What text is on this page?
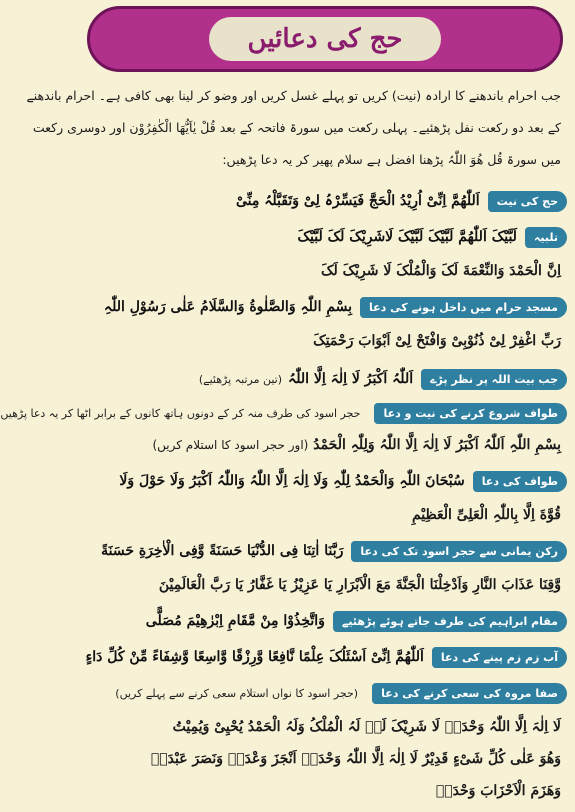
حج کی دعائیں
جب احرام باندھنے کا ارادہ (نیت) کریں تو پہلے غسل کریں اور وضو کر لینا بھی کافی ہے۔ احرام باندھنے
کے بعد دو رکعت نفل پڑھئیے۔ پہلی رکعت میں سورۃ فاتحہ کے بعد قُلْ یٰاَیُّھَا الْکٰفِرُوْن اور دوسری رکعت
میں سورۃ قُل ھُوَ اللّٰہُ پڑھنا افضل ہے سلام پھیر کر یہ دعا پڑھیں:
حج کی نیت
اَللّٰھُمَّ اِنِّیْ اُرِیْدُ الْحَجَّ فَیَسِّرْہُ لِیْ وَتَقَبَّلْہُ مِنِّیْ
تلبیہ
لَبَّیْکَ اَللّٰھُمَّ لَبَّیْکَ لَبَّیْکَ لَاشَرِیْکَ لَکَ لَبَّیْکَ
اِنَّ الْحَمْدَ وَالنِّعْمَةَ لَکَ وَالْمُلْکَ لَا شَرِیْکَ لَکَ
مسجد حرام میں داخل ہونے کی دعا
بِسْمِ اللّٰہِ وَالصَّلٰوةُ وَالسَّلَامُ عَلٰی رَسُوْلِ اللّٰہِ
رَبِّ اغْفِرْ لِیْ ذُنُوْبِیْ وَافْتَحْ لِیْ اَبْوَابَ رَحْمَتِکَ
جب بیت اللہ پر نظر پڑے
اَللّٰہُ اَکْبَرُ لَا اِلٰہَ اِلَّا اللّٰہُ
(تین مرتبہ پڑھئیے)
طواف شروع کرنے کی نیت و دعا
حجر اسود کی طرف منہ کر کے دونوں ہاتھ کانوں کے برابر اٹھا کر یہ دعا پڑھیں
بِسْمِ اللّٰہِ اَللّٰہُ اَکْبَرُ لَا اِلٰہَ اِلَّا اللّٰہُ وَلِلّٰہِ الْحَمْدُ (اور حجر اسود کا استلام کریں)
طواف کی دعا
سُبْحَانَ اللّٰہِ وَالْحَمْدُ لِلّٰہِ وَلَا اِلٰہَ اِلَّا اللّٰہُ وَاللّٰہُ اَکْبَرُ وَلَا حَوْلَ وَلَا
قُوَّةَ اِلَّا بِاللّٰہِ الْعَلِیِّ الْعَظِیْمِ
رکن یمانی سے حجر اسود تک کی دعا
رَبَّنَا اٰتِنَا فِی الدُّنْیَا حَسَنَةً وَّفِی الْاٰخِرَةِ حَسَنَةً
وَّقِنَا عَذَابَ النَّارِ وَاَدْخِلْنَا الْجَنَّةَ مَعَ الْاَبْرَارِ یَا عَزِیْزُ یَا غَفَّارُ یَا رَبَّ الْعَالَمِیْنَ
مقام ابراہیم کی طرف جاتے ہوئے پڑھئیے
وَاتَّخِذُوْا مِنْ مَّقَامِ اِبْرٰھِیْمَ مُصَلًّی
آب زم زم پینے کی دعا
اَللّٰھُمَّ اِنِّیْ اَسْئَلُکَ عِلْمًا نَّافِعًا وَّرِزْقًا وَّاسِعًا وَّشِفَاءً مِّنْ کُلِّ دَاءٍ
صفا مروہ کی سعی کرنے کی دعا
(حجر اسود کا نواں استلام سعی کرنے سے پہلے کریں)
لَا اِلٰہَ اِلَّا اللّٰہُ وَحْدَہٗ لَا شَرِیْکَ لَہٗ لَہُ الْمُلْکُ وَلَہُ الْحَمْدُ یُحْیِیْ وَیُمِیْتُ
وَھُوَ عَلٰی کُلِّ شَیْءٍ قَدِیْرٌ لَا اِلٰہَ اِلَّا اللّٰہُ وَحْدَہٗ اَنْجَزَ وَعْدَہٗ وَنَصَرَ عَبْدَہٗ
وَھَزَمَ الْاَحْزَابَ وَحْدَہٗ
